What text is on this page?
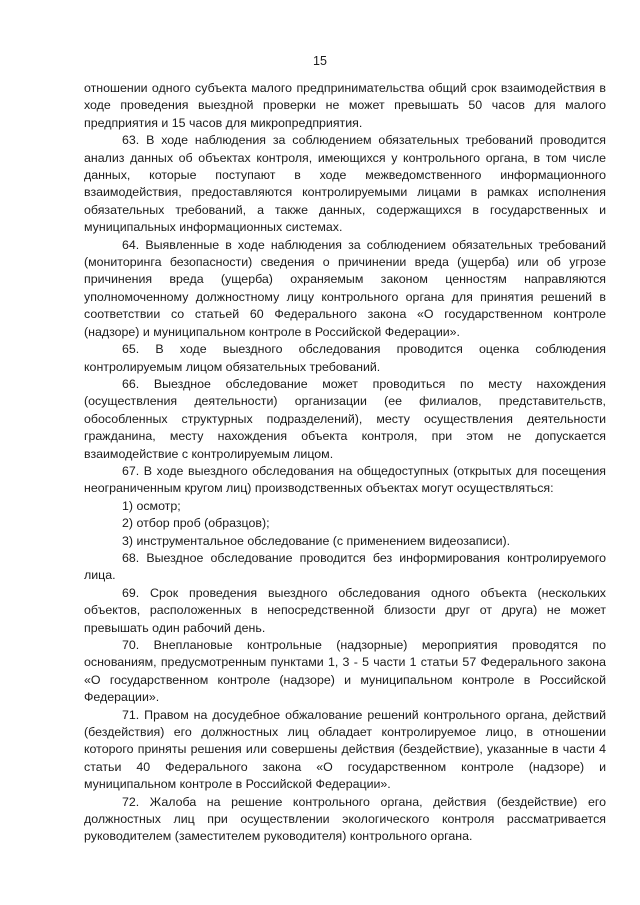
15

отношении одного субъекта малого предпринимательства общий срок взаимодействия в ходе проведения выездной проверки не может превышать 50 часов для малого предприятия и 15 часов для микропредприятия.

63. В ходе наблюдения за соблюдением обязательных требований проводится анализ данных об объектах контроля, имеющихся у контрольного органа, в том числе данных, которые поступают в ходе межведомственного информационного взаимодействия, предоставляются контролируемыми лицами в рамках исполнения обязательных требований, а также данных, содержащихся в государственных и муниципальных информационных системах.

64. Выявленные в ходе наблюдения за соблюдением обязательных требований (мониторинга безопасности) сведения о причинении вреда (ущерба) или об угрозе причинения вреда (ущерба) охраняемым законом ценностям направляются уполномоченному должностному лицу контрольного органа для принятия решений в соответствии со статьей 60 Федерального закона «О государственном контроле (надзоре) и муниципальном контроле в Российской Федерации».

65. В ходе выездного обследования проводится оценка соблюдения контролируемым лицом обязательных требований.

66. Выездное обследование может проводиться по месту нахождения (осуществления деятельности) организации (ее филиалов, представительств, обособленных структурных подразделений), месту осуществления деятельности гражданина, месту нахождения объекта контроля, при этом не допускается взаимодействие с контролируемым лицом.

67. В ходе выездного обследования на общедоступных (открытых для посещения неограниченным кругом лиц) производственных объектах могут осуществляться:

1) осмотр;

2) отбор проб (образцов);

3) инструментальное обследование (с применением видеозаписи).

68. Выездное обследование проводится без информирования контролируемого лица.

69. Срок проведения выездного обследования одного объекта (нескольких объектов, расположенных в непосредственной близости друг от друга) не может превышать один рабочий день.

70. Внеплановые контрольные (надзорные) мероприятия проводятся по основаниям, предусмотренным пунктами 1, 3 - 5 части 1 статьи 57 Федерального закона «О государственном контроле (надзоре) и муниципальном контроле в Российской Федерации».

71. Правом на досудебное обжалование решений контрольного органа, действий (бездействия) его должностных лиц обладает контролируемое лицо, в отношении которого приняты решения или совершены действия (бездействие), указанные в части 4 статьи 40 Федерального закона «О государственном контроле (надзоре) и муниципальном контроле в Российской Федерации».

72. Жалоба на решение контрольного органа, действия (бездействие) его должностных лиц при осуществлении экологического контроля рассматривается руководителем (заместителем руководителя) контрольного органа.
